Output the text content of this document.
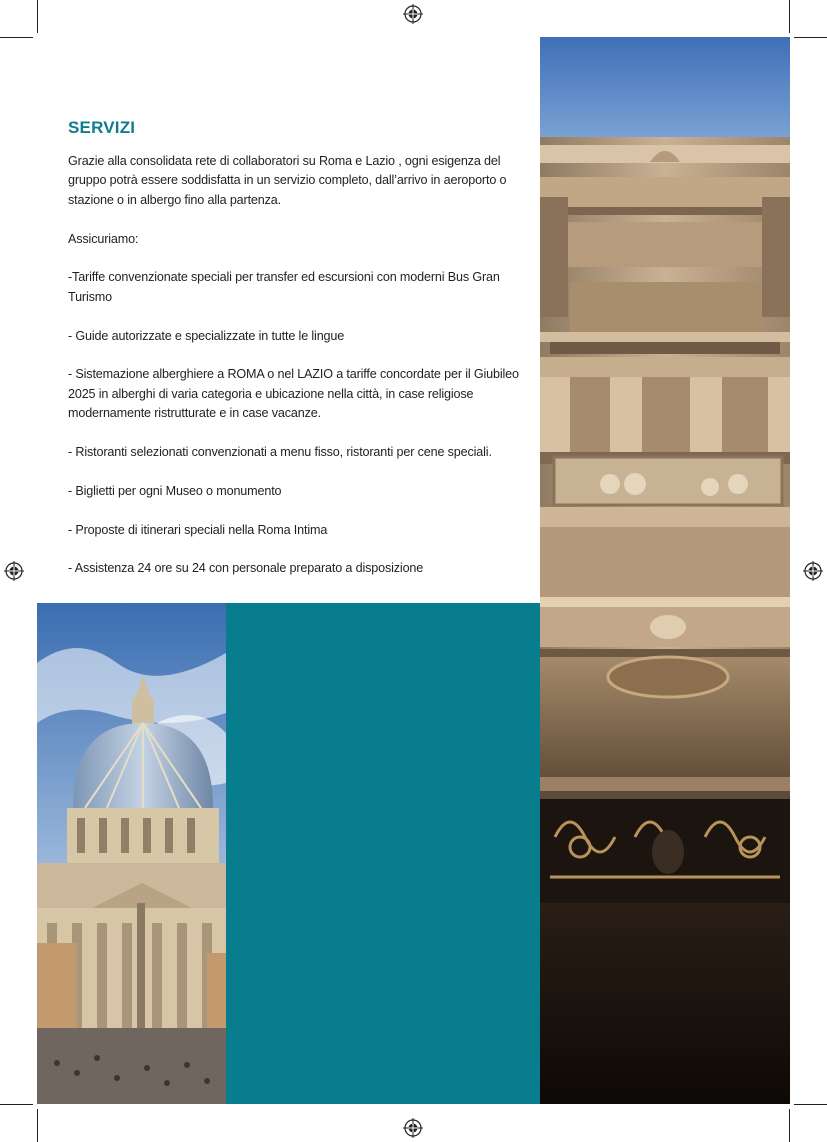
SERVIZI

Grazie alla consolidata rete di collaboratori su Roma e Lazio , ogni esigenza del gruppo potrà essere soddisfatta in un servizio completo, dall’arrivo in aeroporto o stazione o in albergo fino alla partenza.

Assicuriamo:

-Tariffe convenzionate speciali per transfer ed escursioni con moderni Bus Gran Turismo

- Guide autorizzate e specializzate in tutte le lingue

- Sistemazione alberghiere a ROMA o nel LAZIO a tariffe concordate per il Giubileo 2025 in alberghi di varia categoria e ubicazione nella città, in case religiose modernamente ristrutturate e in case vacanze.

- Ristoranti selezionati convenzionati a menu fisso, ristoranti per cene speciali.

- Biglietti per ogni Museo o monumento

- Proposte di itinerari speciali nella Roma Intima

- Assistenza 24 ore su 24 con personale preparato a disposizione
